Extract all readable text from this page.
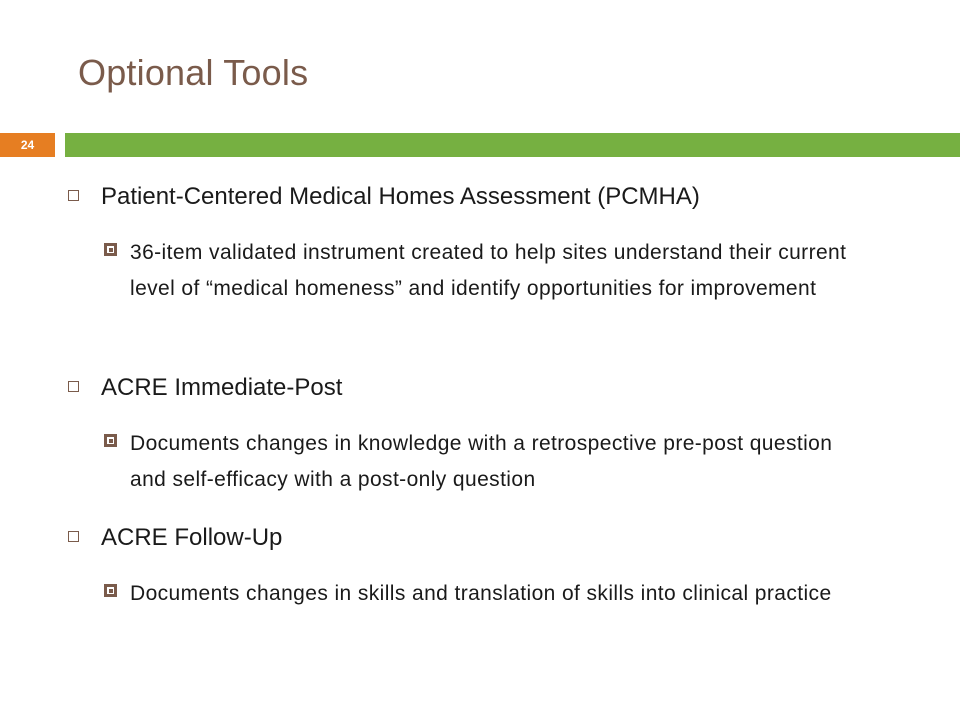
Optional Tools
24
Patient-Centered Medical Homes Assessment (PCMHA)
36-item validated instrument created to help sites understand their current level of “medical homeness” and identify opportunities for improvement
ACRE Immediate-Post
Documents changes in knowledge with a retrospective pre-post question and self-efficacy with a post-only question
ACRE Follow-Up
Documents changes in skills and translation of skills into clinical practice
